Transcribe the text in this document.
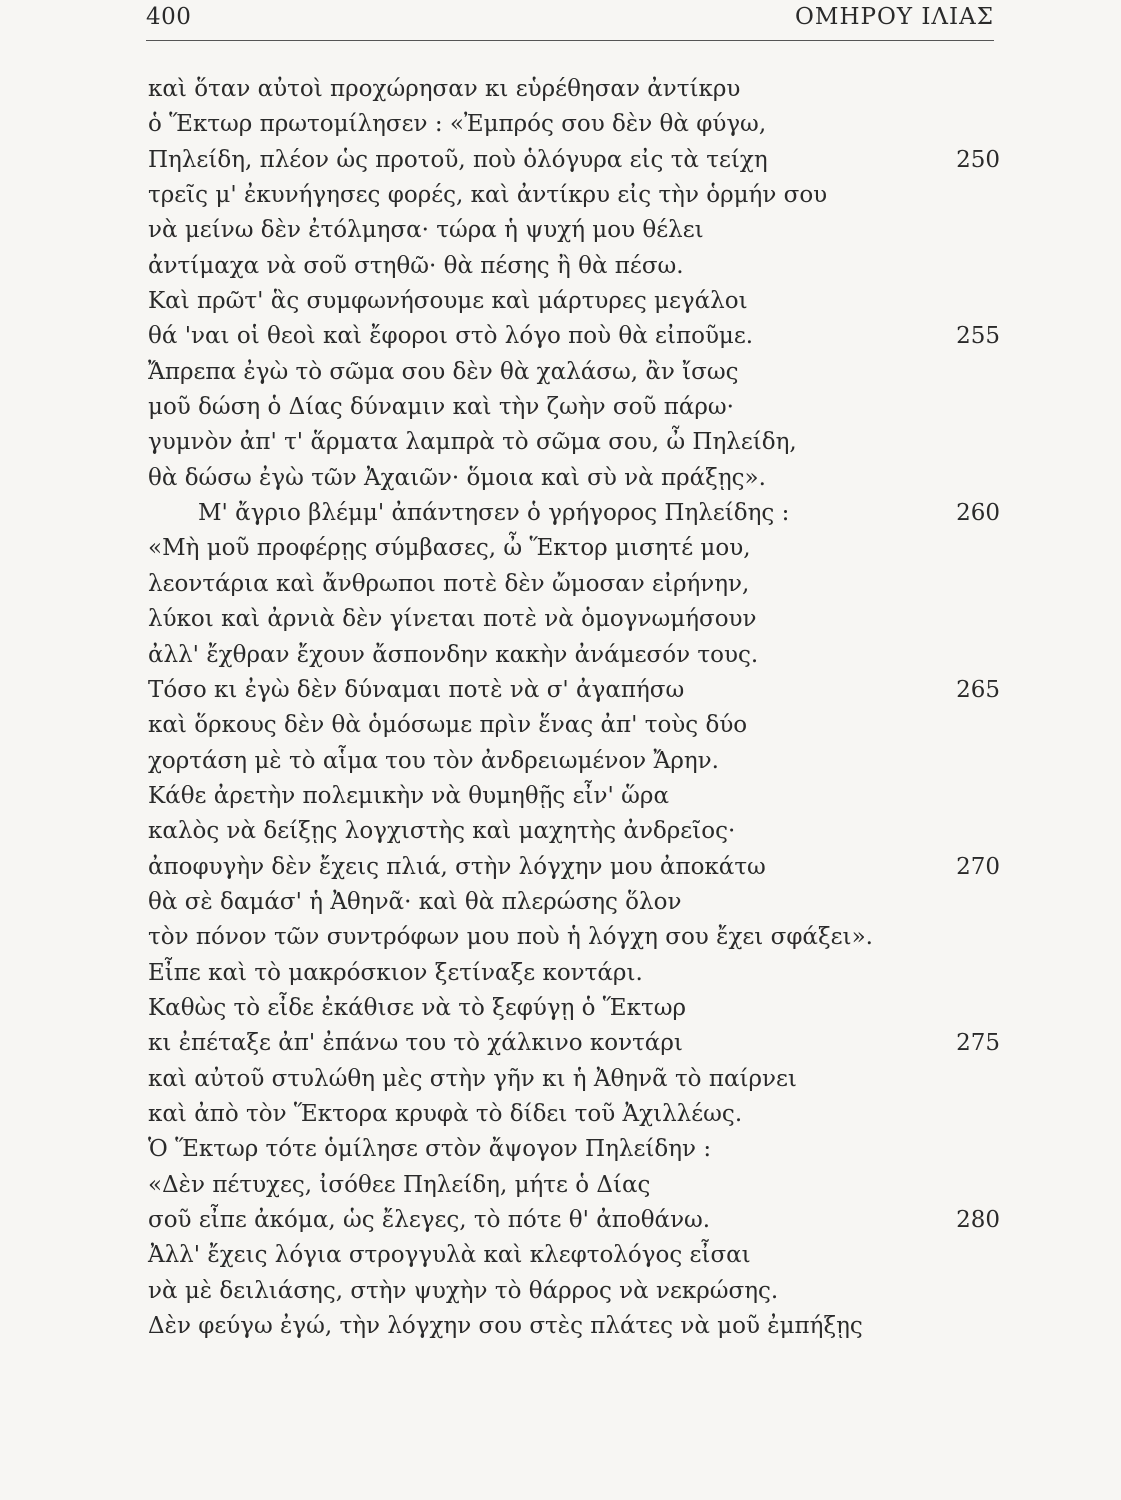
400	ΟΜΗΡΟΥ ΙΛΙΑΣ
καὶ ὅταν αὐτοὶ προχώρησαν κι εὑρέθησαν ἀντίκρυ
ὁ Ἕκτωρ πρωτομίλησεν : «Ἐμπρός σου δὲν θὰ φύγω,
Πηλείδη, πλέον ὡς προτοῦ, ποὺ ὁλόγυρα εἰς τὰ τείχη	250
τρεῖς μ' ἐκυνήγησες φορές, καὶ ἀντίκρυ εἰς τὴν ὁρμήν σου
νὰ μείνω δὲν ἐτόλμησα· τώρα ἡ ψυχή μου θέλει
ἀντίμαχα νὰ σοῦ στηθῶ· θὰ πέσης ἢ θὰ πέσω.
Καὶ πρῶτ' ἃς συμφωνήσουμε καὶ μάρτυρες μεγάλοι
θά 'ναι οἱ θεοὶ καὶ ἔφοροι στὸ λόγο ποὺ θὰ εἰποῦμε.	255
Ἄπρεπα ἐγὼ τὸ σῶμα σου δὲν θὰ χαλάσω, ἂν ἴσως
μοῦ δώση ὁ Δίας δύναμιν καὶ τὴν ζωὴν σοῦ πάρω·
γυμνὸν ἀπ' τ' ἅρματα λαμπρὰ τὸ σῶμα σου, ὦ Πηλείδη,
θὰ δώσω ἐγὼ τῶν Ἀχαιῶν· ὅμοια καὶ σὺ νὰ πράξῃς».
Μ' ἄγριο βλέμμ' ἀπάντησεν ὁ γρήγορος Πηλείδης :	260
«Μὴ μοῦ προφέρῃς σύμβασες, ὦ Ἕκτορ μισητέ μου,
λεοντάρια καὶ ἄνθρωποι ποτὲ δὲν ὤμοσαν εἰρήνην,
λύκοι καὶ ἀρνιὰ δὲν γίνεται ποτὲ νὰ ὁμογνωμήσουν
ἀλλ' ἔχθραν ἔχουν ἄσπονδην κακὴν ἀνάμεσόν τους.
Τόσο κι ἐγὼ δὲν δύναμαι ποτὲ νὰ σ' ἀγαπήσω	265
καὶ ὅρκους δὲν θὰ ὁμόσωμε πρὶν ἕνας ἀπ' τοὺς δύο
χορτάση μὲ τὸ αἷμα του τὸν ἀνδρειωμένον Ἄρην.
Κάθε ἀρετὴν πολεμικὴν νὰ θυμηθῇς εἶν' ὥρα
καλὸς νὰ δείξῃς λογχιστὴς καὶ μαχητὴς ἀνδρεῖος·
ἀποφυγὴν δὲν ἔχεις πλιά, στὴν λόγχην μου ἀποκάτω	270
θὰ σὲ δαμάσ' ἡ Ἀθηνᾶ· καὶ θὰ πλερώσης ὅλον
τὸν πόνον τῶν συντρόφων μου ποὺ ἡ λόγχη σου ἔχει σφάξει».
Εἶπε καὶ τὸ μακρόσκιον ξετίναξε κοντάρι.
Καθὼς τὸ εἶδε ἐκάθισε νὰ τὸ ξεφύγῃ ὁ Ἕκτωρ
κι ἐπέταξε ἀπ' ἐπάνω του τὸ χάλκινο κοντάρι	275
καὶ αὐτοῦ στυλώθη μὲς στὴν γῆν κι ἡ Ἀθηνᾶ τὸ παίρνει
καὶ ἀπὸ τὸν Ἕκτορα κρυφὰ τὸ δίδει τοῦ Ἀχιλλέως.
Ὁ Ἕκτωρ τότε ὁμίλησε στὸν ἄψογον Πηλείδην :
«Δὲν πέτυχες, ἰσόθεε Πηλείδη, μήτε ὁ Δίας
σοῦ εἶπε ἀκόμα, ὡς ἔλεγες, τὸ πότε θ' ἀποθάνω.	280
Ἀλλ' ἔχεις λόγια στρογγυλὰ καὶ κλεφτολόγος εἶσαι
νὰ μὲ δειλιάσης, στὴν ψυχὴν τὸ θάρρος νὰ νεκρώσης.
Δὲν φεύγω ἐγώ, τὴν λόγχην σου στὲς πλάτες νὰ μοῦ ἐμπήξῃς
